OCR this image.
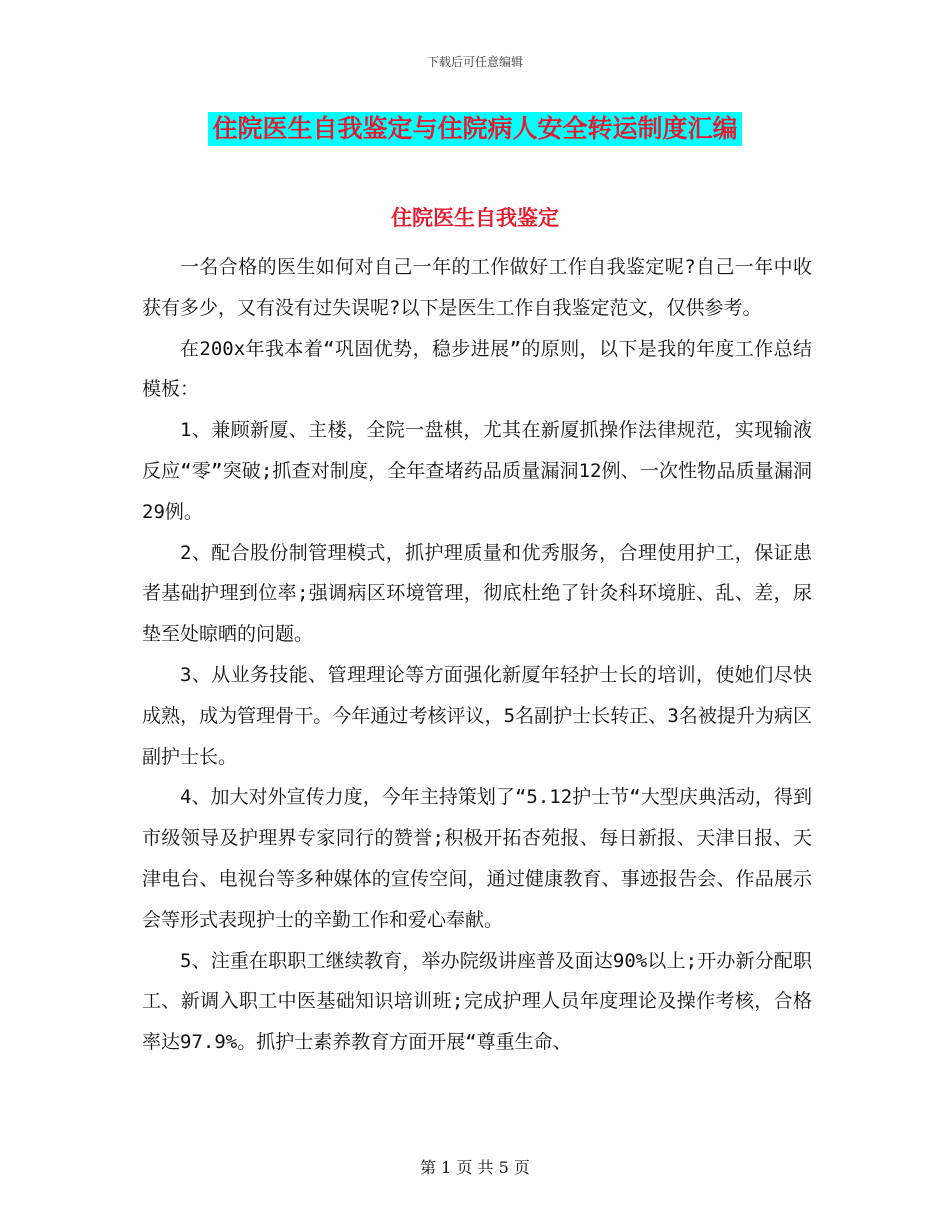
下载后可任意编辑
住院医生自我鉴定与住院病人安全转运制度汇编
住院医生自我鉴定

一名合格的医生如何对自己一年的工作做好工作自我鉴定呢?自己一年中收获有多少，又有没有过失误呢?以下是医生工作自我鉴定范文，仅供参考。

在200x年我本着“巩固优势，稳步进展”的原则，以下是我的年度工作总结模板：

1、兼顾新厦、主楼，全院一盘棋，尤其在新厦抓操作法律规范，实现输液反应“零”突破;抓查对制度，全年查堵药品质量漏洞12例、一次性物品质量漏洞29例。

2、配合股份制管理模式，抓护理质量和优秀服务，合理使用护工，保证患者基础护理到位率;强调病区环境管理，彻底杜绝了针灸科环境脏、乱、差，尿垫至处晾晒的问题。

3、从业务技能、管理理论等方面强化新厦年轻护士长的培训，使她们尽快成熟，成为管理骨干。今年通过考核评议，5名副护士长转正、3名被提升为病区副护士长。

4、加大对外宣传力度，今年主持策划了“5.12护士节“大型庆典活动，得到市级领导及护理界专家同行的赞誉;积极开拓杏苑报、每日新报、天津日报、天津电台、电视台等多种媒体的宣传空间，通过健康教育、事迹报告会、作品展示会等形式表现护士的辛勤工作和爱心奉献。

5、注重在职职工继续教育，举办院级讲座普及面达90%以上;开办新分配职工、新调入职工中医基础知识培训班;完成护理人员年度理论及操作考核，合格率达97.9%。抓护士素养教育方面开展“尊重生命、

第 1 页 共 5 页
